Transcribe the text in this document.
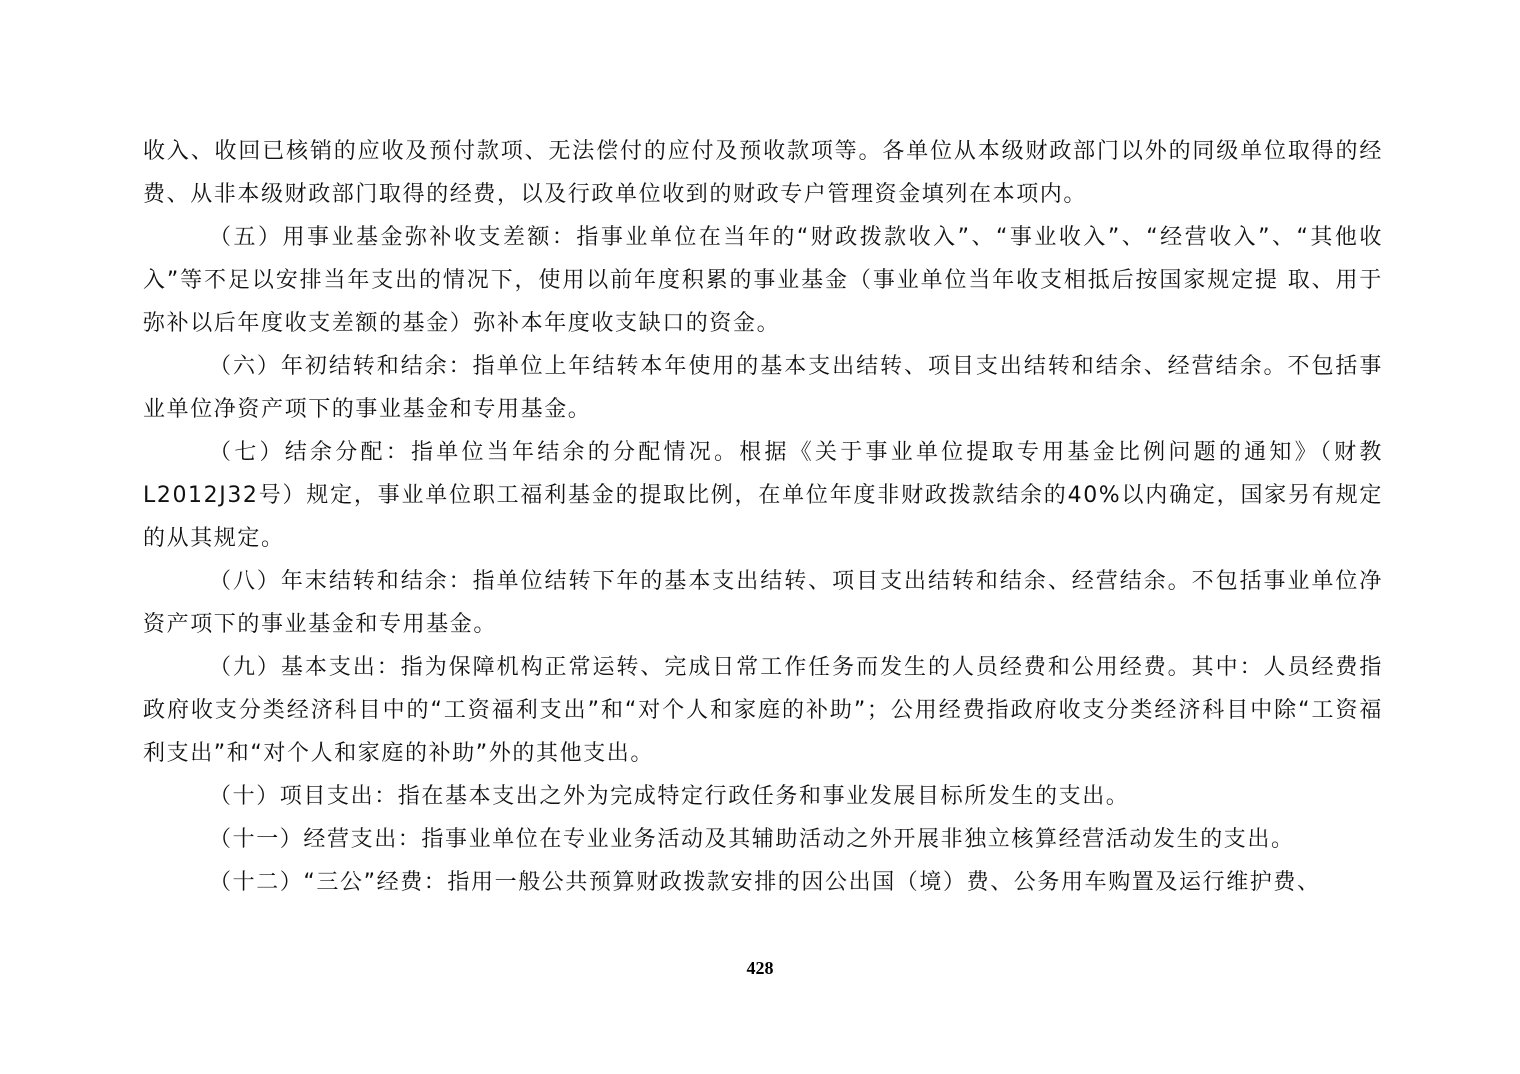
收入、收回已核销的应收及预付款项、无法偿付的应付及预收款项等。各单位从本级财政部门以外的同级单位取得的经 费、从非本级财政部门取得的经费，以及行政单位收到的财政专户管理资金填列在本项内。

（五）用事业基金弥补收支差额：指事业单位在当年的“财政拨款收入”、“事业收入”、“经营收入”、“其他收入”等不足以安排当年支出的情况下，使用以前年度积累的事业基金（事业单位当年收支相抵后按国家规定提 取、用于弥补以后年度收支差额的基金）弥补本年度收支缺口的资金。

（六）年初结转和结余：指单位上年结转本年使用的基本支出结转、项目支出结转和结余、经营结余。不包括事业单位净资产项下的事业基金和专用基金。

（七）结余分配：指单位当年结余的分配情况。根据《关于事业单位提取专用基金比例问题的通知》（财教L2012J32号）规定，事业单位职工福利基金的提取比例，在单位年度非财政拨款结余的40%以内确定，国家另有规定的从其规定。

（八）年末结转和结余：指单位结转下年的基本支出结转、项目支出结转和结余、经营结余。不包括事业单位净资产项下的事业基金和专用基金。

（九）基本支出：指为保障机构正常运转、完成日常工作任务而发生的人员经费和公用经费。其中：人员经费指政府收支分类经济科目中的“工资福利支出”和“对个人和家庭的补助”；公用经费指政府收支分类经济科目中除“工资福利支出”和“对个人和家庭的补助”外的其他支出。

（十）项目支出：指在基本支出之外为完成特定行政任务和事业发展目标所发生的支出。

（十一）经营支出：指事业单位在专业业务活动及其辅助活动之外开展非独立核算经营活动发生的支出。

（十二）“三公”经费：指用一般公共预算财政拨款安排的因公出国（境）费、公务用车购置及运行维护费、

428
